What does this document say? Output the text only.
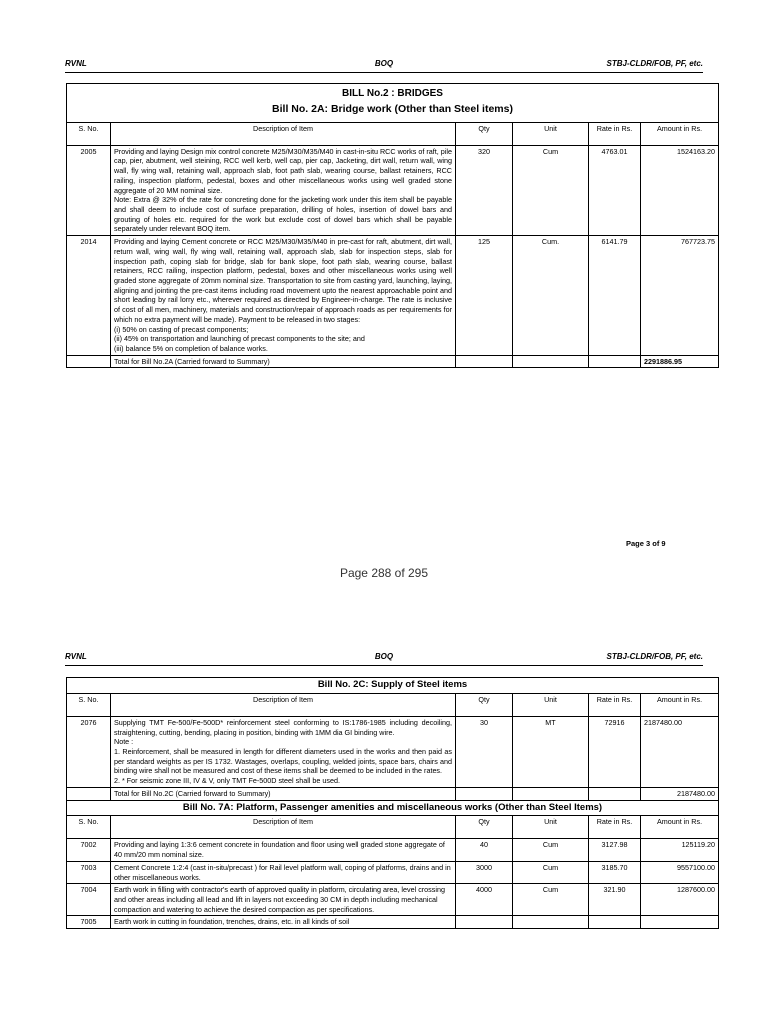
RVNL	BOQ	STBJ-CLDR/FOB, PF, etc.
BILL No.2 : BRIDGES					
Bill No. 2A: Bridge work (Other than Steel items)					
S. No.	Description of Item	Qty	Unit	Rate in Rs.	Amount in Rs.
2005	Providing and laying Design mix control concrete M25/M30/M35/M40 in cast-in-situ RCC works of raft, pile cap, pier, abutment, well steining, RCC well kerb, well cap, pier cap, Jacketing, dirt wall, return wall, wing wall, fly wing wall, retaining wall, approach slab, foot path slab, wearing course, ballast retainers, RCC railing, inspection platform, pedestal, boxes and other miscellaneous works using well graded stone aggregate of 20 MM nominal size.

Note: Extra @ 32% of the rate for concreting done for the jacketing work under this item shall be payable and shall deem to include cost of surface preparation, drilling of holes, insertion of dowel bars and grouting of holes etc. required for the work but exclude cost of dowel bars which shall be payable separately under relevant BOQ item.	320	Cum	4763.01	1524163.20
2014	Providing and laying Cement concrete or RCC M25/M30/M35/M40 in pre-cast for raft, abutment, dirt wall, return wall, wing wall, fly wing wall, retaining wall, approach slab, slab for inspection steps, slab for inspection path, coping slab for bridge, slab for bank slope, foot path slab, wearing course, ballast retainers, RCC railing, inspection platform, pedestal, boxes and other miscellaneous works using well graded stone aggregate of 20mm nominal size. Transportation to site from casting yard, launching, laying, aligning and jointing the pre-cast items including road movement upto the nearest approachable point and short leading by rail lorry etc., wherever required as directed by Engineer-in-charge. The rate is inclusive of cost of all men, machinery, materials and construction/repair of approach roads as per requirements for which no extra payment will be made). Payment to be released in two stages:

(i) 50% on casting of precast components;

(ii) 45% on transportation and launching of precast components to the site; and

(iii) balance 5% on completion of balance works.	125	Cum.	6141.79	767723.75
	Total for Bill No.2A (Carried forward to Summary)				2291886.95
Page 3 of 9
Page 288 of 295
RVNL	BOQ	STBJ-CLDR/FOB, PF, etc.
Bill No. 2C: Supply of Steel items					
S. No.	Description of Item	Qty	Unit	Rate in Rs.	Amount in Rs.
2076	Supplying TMT Fe-500/Fe-500D* reinforcement steel conforming to IS:1786-1985 including decoiling, straightening, cutting, bending, placing in position, binding with 1MM dia GI binding wire.

Note :

1. Reinforcement, shall be measured in length for different diameters used in the works and then paid as per standard weights as per IS 1732. Wastages, overlaps, coupling, welded joints, space bars, chairs and binding wire shall not be measured and cost of these items shall be deemed to be included in the rates.

2. * For seismic zone III, IV & V, only TMT Fe-500D steel shall be used.	30	MT	72916	2187480.00
	Total for Bill No.2C (Carried forward to Summary)				2187480.00
Bill No. 7A: Platform, Passenger amenities and miscellaneous works (Other than Steel Items)					
S. No.	Description of Item	Qty	Unit	Rate in Rs.	Amount in Rs.
7002	Providing and laying 1:3:6 cement concrete in foundation and floor using well graded stone aggregate of 40 mm/20 mm nominal size.	40	Cum	3127.98	125119.20
7003	Cement Concrete 1:2:4 (cast in-situ/precast ) for Rail level platform wall, coping of platforms, drains and in other miscellaneous works.	3000	Cum	3185.70	9557100.00
7004	Earth work in filling with contractor's earth of approved quality in platform, circulating area, level crossing and other areas including all lead and lift in layers not exceeding 30 CM in depth including mechanical compaction and watering to achieve the desired compaction as per specifications.	4000	Cum	321.90	1287600.00
7005	Earth work in cutting in foundation, trenches, drains, etc. in all kinds of soil				
